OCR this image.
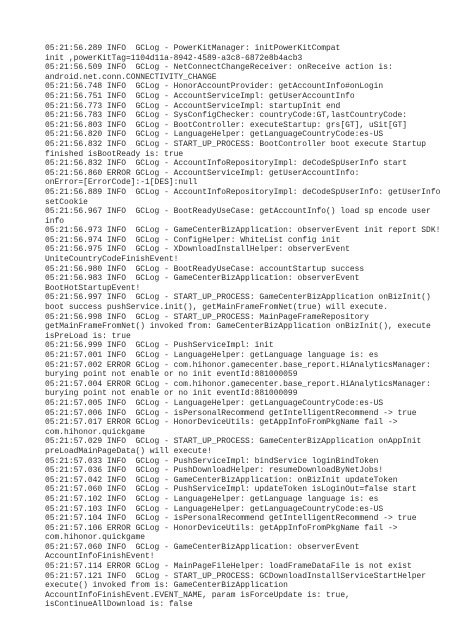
05:21:56.289 INFO  GCLog - PowerKitManager: initPowerKitCompat
init ,powerKitTag=1104d11a-8942-4589-a3c8-6872e8b4acb3
05:21:56.509 INFO  GCLog - NetConnectChangeReceiver: onReceive action is:
android.net.conn.CONNECTIVITY_CHANGE
05:21:56.748 INFO  GCLog - HonorAccountProvider: getAccountInfo#onLogin
05:21:56.751 INFO  GCLog - AccountServiceImpl: getUserAccountInfo
05:21:56.773 INFO  GCLog - AccountServiceImpl: startupInit end
05:21:56.783 INFO  GCLog - SysConfigChecker: countryCode:GT,lastCountryCode:
05:21:56.803 INFO  GCLog - BootController: executeStartup: grs[GT], uSit[GT]
05:21:56.820 INFO  GCLog - LanguageHelper: getLanguageCountryCode:es-US
05:21:56.832 INFO  GCLog - START_UP_PROCESS: BootController boot execute Startup
finished isBootReady is: true
05:21:56.832 INFO  GCLog - AccountInfoRepositoryImpl: deCodeSpUserInfo start
05:21:56.860 ERROR GCLog - AccountServiceImpl: getUserAccountInfo:
onError=[ErrorCode]:-1[DES]:null
05:21:56.889 INFO  GCLog - AccountInfoRepositoryImpl: deCodeSpUserInfo: getUserInfo
setCookie
05:21:56.967 INFO  GCLog - BootReadyUseCase: getAccountInfo() load sp encode user
info
05:21:56.973 INFO  GCLog - GameCenterBizApplication: observerEvent init report SDK!
05:21:56.974 INFO  GCLog - ConfigHelper: WhiteList config init
05:21:56.975 INFO  GCLog - XDownloadInstallHelper: observerEvent
UniteCountryCodeFinishEvent!
05:21:56.980 INFO  GCLog - BootReadyUseCase: accountStartup success
05:21:56.983 INFO  GCLog - GameCenterBizApplication: observerEvent
BootHotStartupEvent!
05:21:56.997 INFO  GCLog - START_UP_PROCESS: GameCenterBizApplication onBizInit()
boot success pushService.init(), getMainFrameFromNet(true) will execute.
05:21:56.998 INFO  GCLog - START_UP_PROCESS: MainPageFrameRepository
getMainFrameFromNet() invoked from: GameCenterBizApplication onBizInit(), execute
isPreLoad is: true
05:21:56.999 INFO  GCLog - PushServiceImpl: init
05:21:57.001 INFO  GCLog - LanguageHelper: getLanguage language is: es
05:21:57.002 ERROR GCLog - com.hihonor.gamecenter.base_report.HiAnalyticsManager:
burying point not enable or no init eventId:881000059
05:21:57.004 ERROR GCLog - com.hihonor.gamecenter.base_report.HiAnalyticsManager:
burying point not enable or no init eventId:881000099
05:21:57.005 INFO  GCLog - LanguageHelper: getLanguageCountryCode:es-US
05:21:57.006 INFO  GCLog - isPersonalRecommend getIntelligentRecommend -> true
05:21:57.017 ERROR GCLog - HonorDeviceUtils: getAppInfoFromPkgName fail ->
com.hihonor.quickgame
05:21:57.029 INFO  GCLog - START_UP_PROCESS: GameCenterBizApplication onAppInit
preLoadMainPageData() will execute!
05:21:57.033 INFO  GCLog - PushServiceImpl: bindService loginBindToken
05:21:57.036 INFO  GCLog - PushDownloadHelper: resumeDownloadByNetJobs!
05:21:57.042 INFO  GCLog - GameCenterBizApplication: onBizInit updateToken
05:21:57.060 INFO  GCLog - PushServiceImpl: updateToken isLoginOut=false start
05:21:57.102 INFO  GCLog - LanguageHelper: getLanguage language is: es
05:21:57.103 INFO  GCLog - LanguageHelper: getLanguageCountryCode:es-US
05:21:57.104 INFO  GCLog - isPersonalRecommend getIntelligentRecommend -> true
05:21:57.106 ERROR GCLog - HonorDeviceUtils: getAppInfoFromPkgName fail ->
com.hihonor.quickgame
05:21:57.060 INFO  GCLog - GameCenterBizApplication: observerEvent
AccountInfoFinishEvent!
05:21:57.114 ERROR GCLog - MainPageFileHelper: loadFrameDataFile is not exist
05:21:57.121 INFO  GCLog - START_UP_PROCESS: GCDownloadInstallServiceStartHelper
execute() invoked from is: GameCenterBizApplication
AccountInfoFinishEvent.EVENT_NAME, param isForceUpdate is: true,
isContinueAllDownload is: false
